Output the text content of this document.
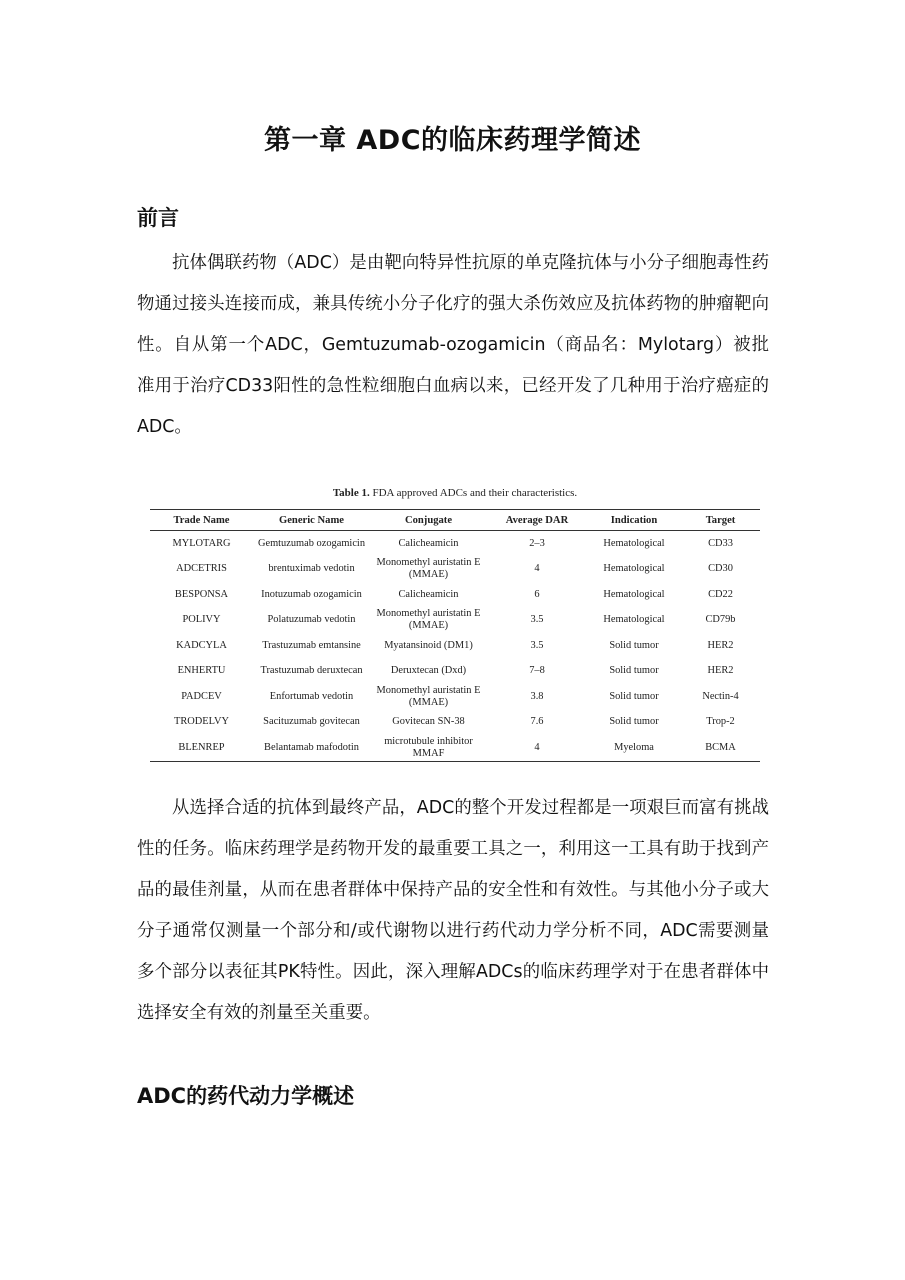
第一章 ADC的临床药理学简述
前言

抗体偶联药物（ADC）是由靶向特异性抗原的单克隆抗体与小分子细胞毒性药物通过接头连接而成，兼具传统小分子化疗的强大杀伤效应及抗体药物的肿瘤靶向性。自从第一个ADC，Gemtuzumab-ozogamicin（商品名：Mylotarg）被批准用于治疗CD33阳性的急性粒细胞白血病以来，已经开发了几种用于治疗癌症的ADC。

Table 1. FDA approved ADCs and their characteristics.
Trade Name	Generic Name	Conjugate	Average DAR	Indication	Target
MYLOTARG	Gemtuzumab ozogamicin	Calicheamicin	2–3	Hematological	CD33
ADCETRIS	brentuximab vedotin	Monomethyl auristatin E (MMAE)	4	Hematological	CD30
BESPONSA	Inotuzumab ozogamicin	Calicheamicin	6	Hematological	CD22
POLIVY	Polatuzumab vedotin	Monomethyl auristatin E (MMAE)	3.5	Hematological	CD79b
KADCYLA	Trastuzumab emtansine	Myatansinoid (DM1)	3.5	Solid tumor	HER2
ENHERTU	Trastuzumab deruxtecan	Deruxtecan (Dxd)	7–8	Solid tumor	HER2
PADCEV	Enfortumab vedotin	Monomethyl auristatin E (MMAE)	3.8	Solid tumor	Nectin-4
TRODELVY	Sacituzumab govitecan	Govitecan SN-38	7.6	Solid tumor	Trop-2
BLENREP	Belantamab mafodotin	microtubule inhibitor MMAF	4	Myeloma	BCMA

从选择合适的抗体到最终产品，ADC的整个开发过程都是一项艰巨而富有挑战性的任务。临床药理学是药物开发的最重要工具之一，利用这一工具有助于找到产品的最佳剂量，从而在患者群体中保持产品的安全性和有效性。与其他小分子或大分子通常仅测量一个部分和/或代谢物以进行药代动力学分析不同，ADC需要测量多个部分以表征其PK特性。因此，深入理解ADCs的临床药理学对于在患者群体中选择安全有效的剂量至关重要。

ADC的药代动力学概述
